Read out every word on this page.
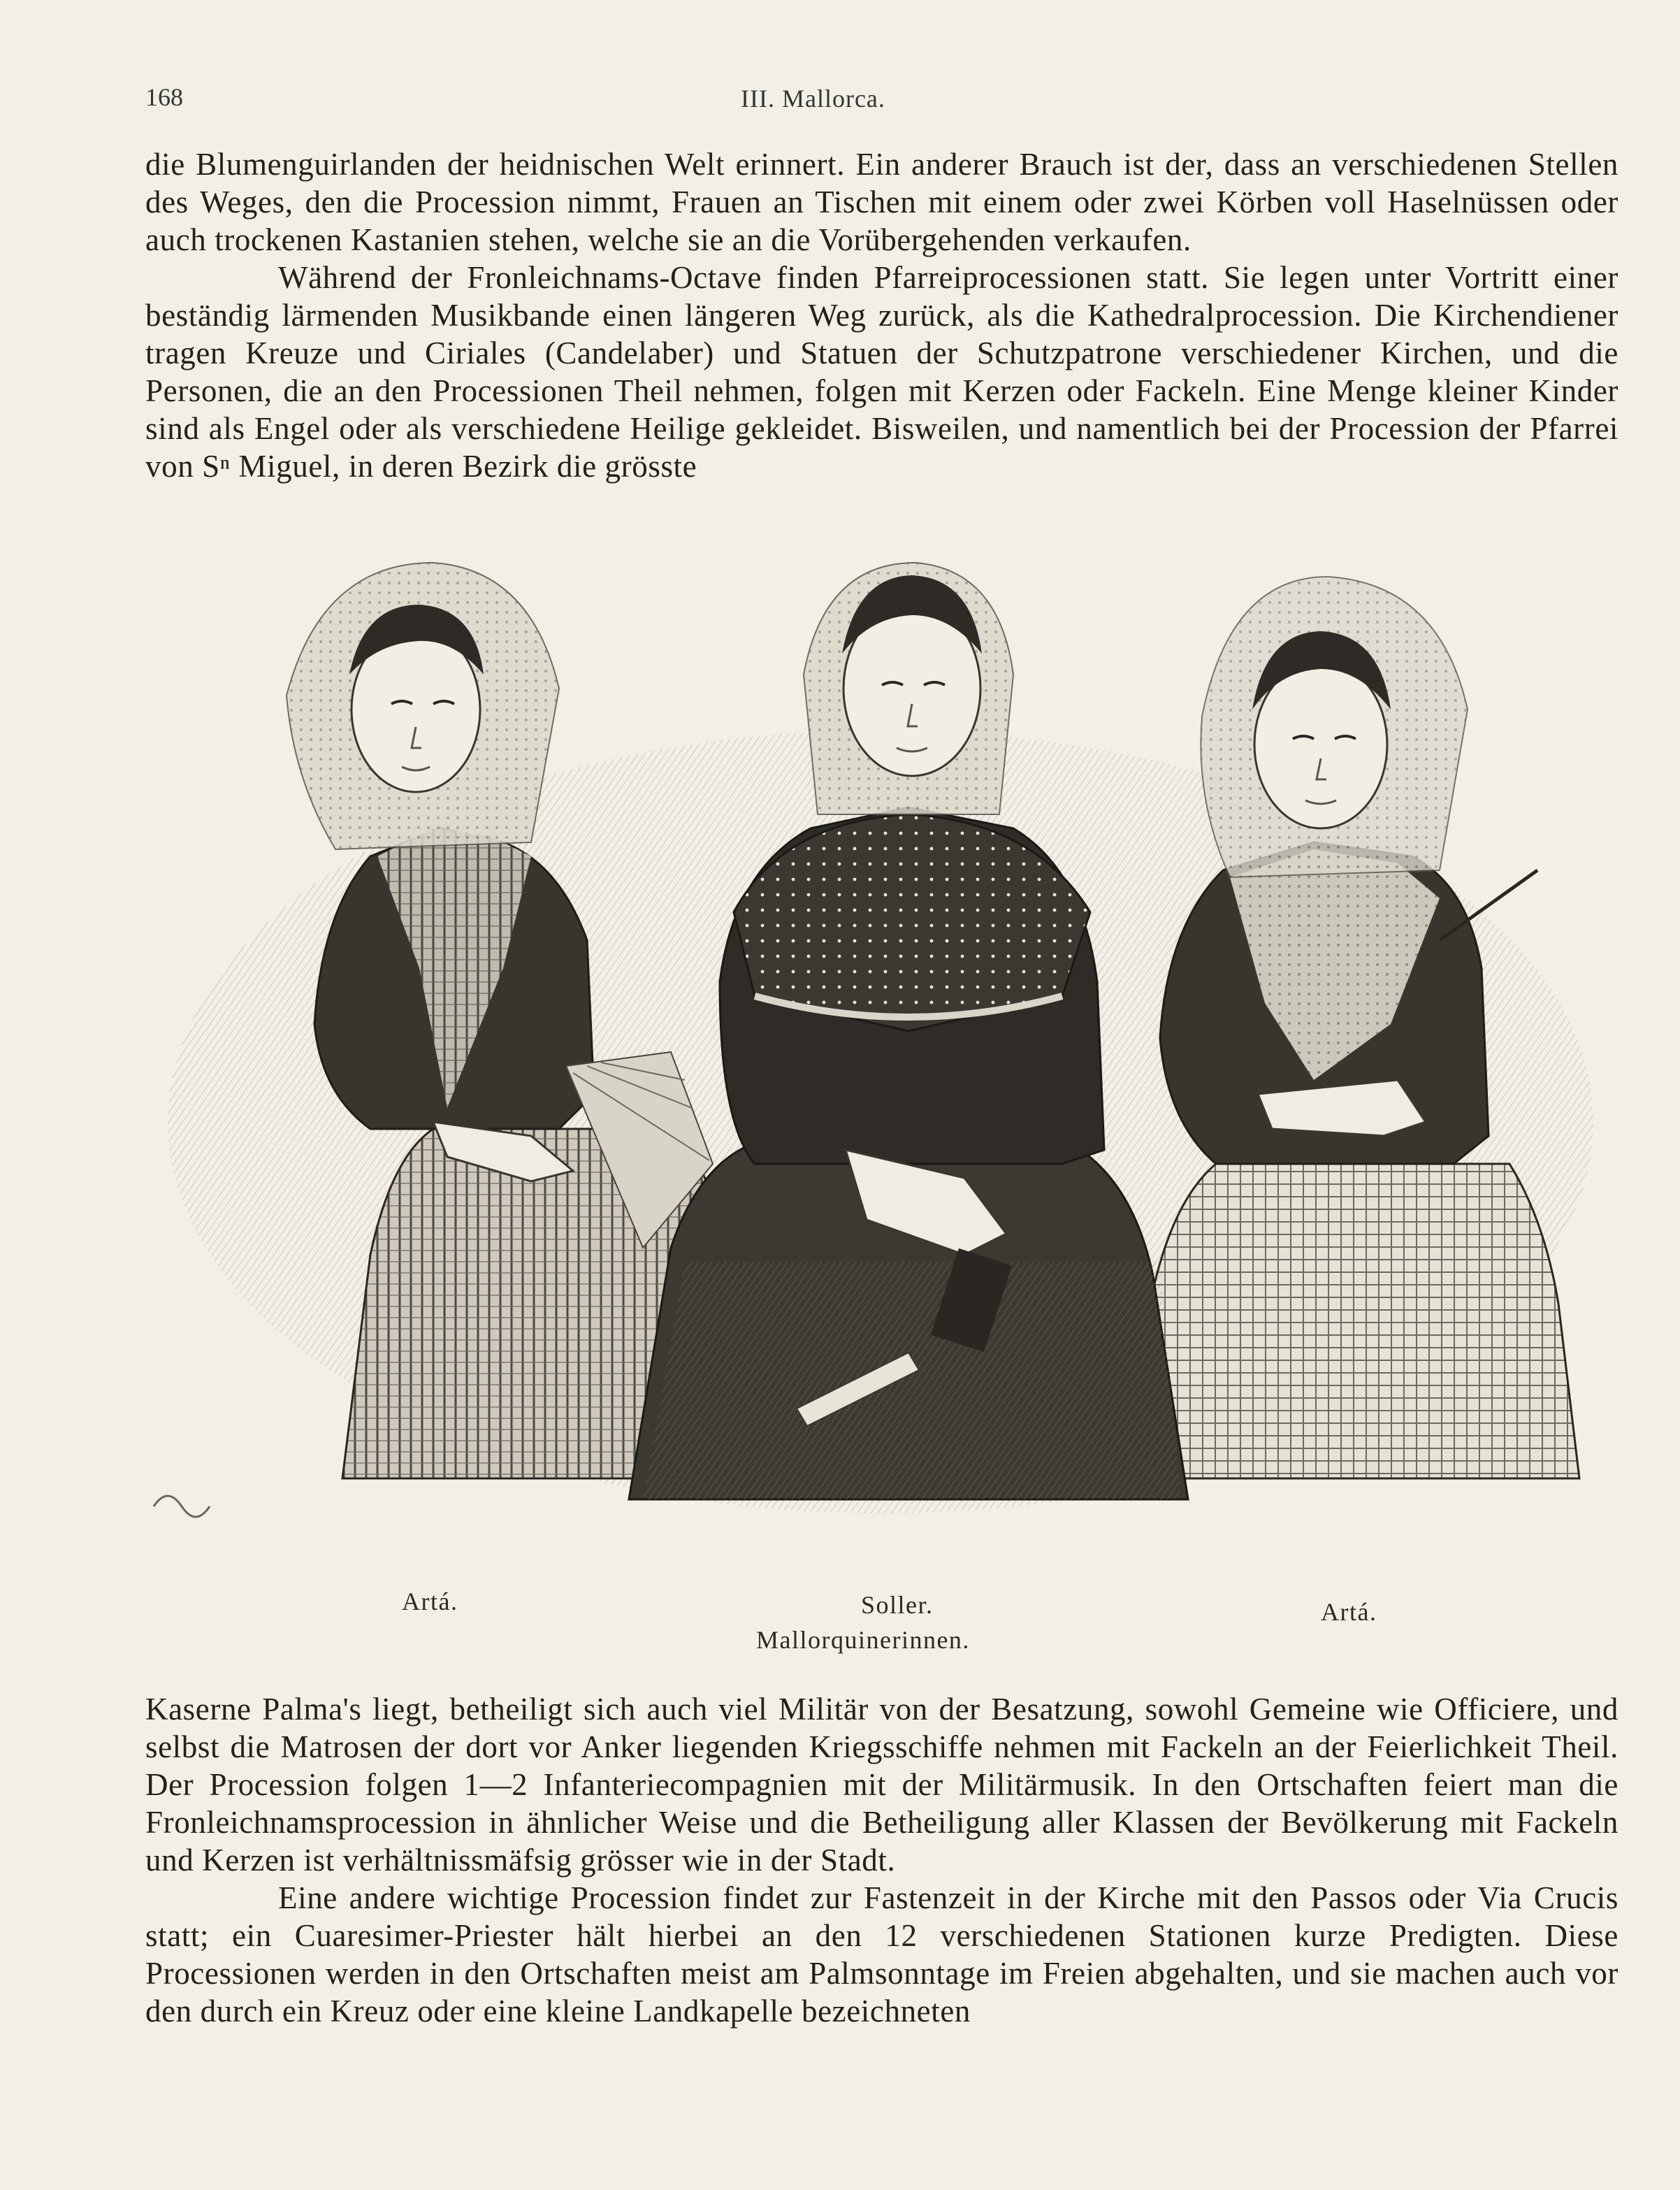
168	III. Mallorca.

die Blumenguirlanden der heidnischen Welt erinnert. Ein anderer Brauch ist der, dass an verschiedenen Stellen des Weges, den die Procession nimmt, Frauen an Tischen mit einem oder zwei Körben voll Haselnüssen oder auch trockenen Kastanien stehen, welche sie an die Vorübergehenden verkaufen.

Während der Fronleichnams-Octave finden Pfarreiprocessionen statt. Sie legen unter Vortritt einer beständig lärmenden Musikbande einen längeren Weg zurück, als die Kathedralprocession. Die Kirchendiener tragen Kreuze und Ciriales (Candelaber) und Statuen der Schutzpatrone verschiedener Kirchen, und die Personen, die an den Processionen Theil nehmen, folgen mit Kerzen oder Fackeln. Eine Menge kleiner Kinder sind als Engel oder als verschiedene Heilige gekleidet. Bisweilen, und namentlich bei der Procession der Pfarrei von Sⁿ Miguel, in deren Bezirk die grösste

Artá.	Soller.	Artá.
Mallorquinerinnen.

Kaserne Palma's liegt, betheiligt sich auch viel Militär von der Besatzung, sowohl Gemeine wie Officiere, und selbst die Matrosen der dort vor Anker liegenden Kriegsschiffe nehmen mit Fackeln an der Feierlichkeit Theil. Der Procession folgen 1—2 Infanteriecompagnien mit der Militärmusik. In den Ortschaften feiert man die Fronleichnamsprocession in ähnlicher Weise und die Betheiligung aller Klassen der Bevölkerung mit Fackeln und Kerzen ist verhältnissmäfsig grösser wie in der Stadt.

Eine andere wichtige Procession findet zur Fastenzeit in der Kirche mit den Passos oder Via Crucis statt; ein Cuaresimer-Priester hält hierbei an den 12 verschiedenen Stationen kurze Predigten. Diese Processionen werden in den Ortschaften meist am Palmsonntage im Freien abgehalten, und sie machen auch vor den durch ein Kreuz oder eine kleine Landkapelle bezeichneten
